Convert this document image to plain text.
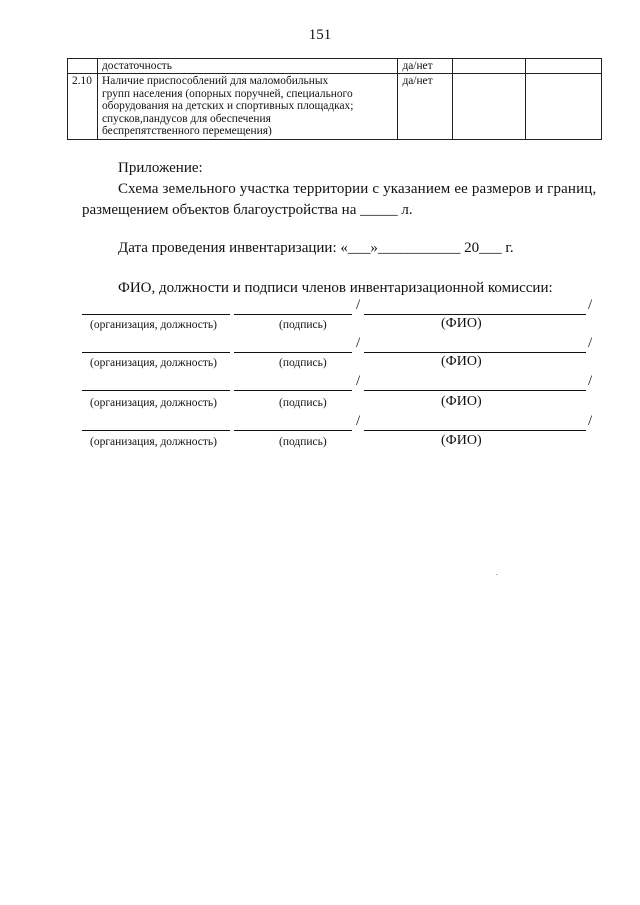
151

	достаточность	да/нет		
2.10	Наличие приспособлений для маломобильных
групп населения (опорных поручней, специального
оборудования на детских и спортивных площадках;
спусков,пандусов для обеспечения
беспрепятственного перемещения)	да/нет		
Приложение:
Схема земельного участка территории с указанием ее размеров и границ,
размещением объектов благоустройства на _____ л.
Дата проведения инвентаризации: «___»___________ 20___ г.
ФИО, должности и подписи членов инвентаризационной комиссии:
/	/
(организация, должность)	(подпись)	(ФИО)
/	/
(организация, должность)	(подпись)	(ФИО)
/	/
(организация, должность)	(подпись)	(ФИО)
/	/
(организация, должность)	(подпись)	(ФИО)
